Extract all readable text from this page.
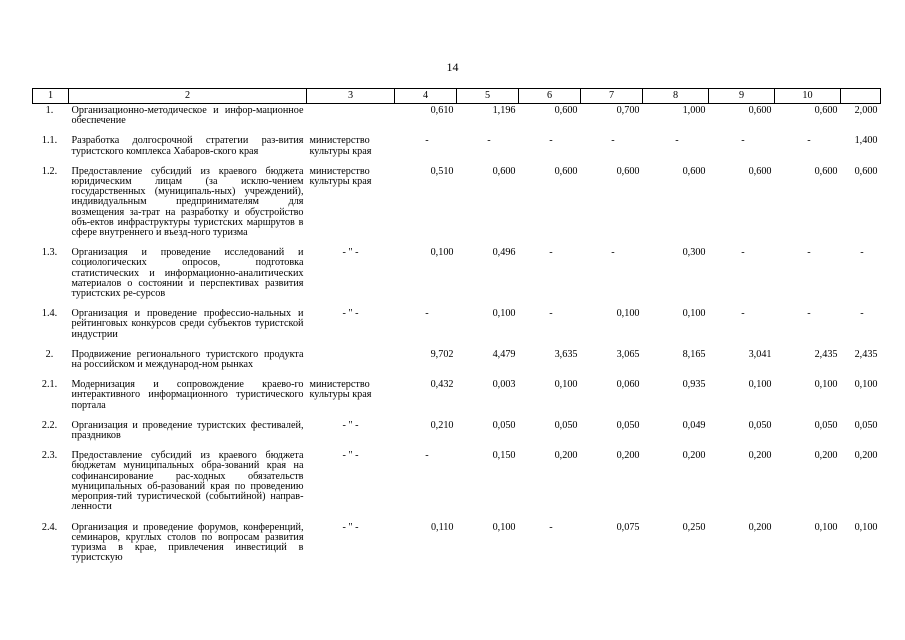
14
1	2	3	4	5	6	7	8	9	10	
1.	Организационно-методическое и инфор-мационное обеспечение		0,610	1,196	0,600	0,700	1,000	0,600	0,600	2,000
1.1.	Разработка долгосрочной стратегии раз-вития туристского комплекса Хабаров-ского края	министерство культуры края	-	-	-	-	-	-	-	1,400
1.2.	Предоставление субсидий из краевого бюджета юридическим лицам (за исклю-чением государственных (муниципаль-ных) учреждений), индивидуальным предпринимателям для возмещения за-трат на разработку и обустройство объ-ектов инфраструктуры туристских маршрутов в сфере внутреннего и въезд-ного туризма	министерство культуры края	0,510	0,600	0,600	0,600	0,600	0,600	0,600	0,600
1.3.	Организация и проведение исследований и социологических опросов, подготовка статистических и информационно-аналитических материалов о состоянии и перспективах развития туристских ре-сурсов	- " -	0,100	0,496	-	-	0,300	-	-	-
1.4.	Организация и проведение профессио-нальных и рейтинговых конкурсов среди субъектов туристской индустрии	- " -	-	0,100	-	0,100	0,100	-	-	-
2.	Продвижение регионального туристского продукта на российском и международ-ном рынках		9,702	4,479	3,635	3,065	8,165	3,041	2,435	2,435
2.1.	Модернизация и сопровождение краево-го интерактивного информационного туристического портала	министерство культуры края	0,432	0,003	0,100	0,060	0,935	0,100	0,100	0,100
2.2.	Организация и проведение туристских фестивалей, праздников	- " -	0,210	0,050	0,050	0,050	0,049	0,050	0,050	0,050
2.3.	Предоставление субсидий из краевого бюджета бюджетам муниципальных обра-зований края на софинансирование рас-ходных обязательств муниципальных об-разований края по проведению мероприя-тий туристической (событийной) направ-ленности	- " -	-	0,150	0,200	0,200	0,200	0,200	0,200	0,200
2.4.	Организация и проведение форумов, конференций, семинаров, круглых столов по вопросам развития туризма в крае, привлечения инвестиций в туристскую	- " -	0,110	0,100	-	0,075	0,250	0,200	0,100	0,100
